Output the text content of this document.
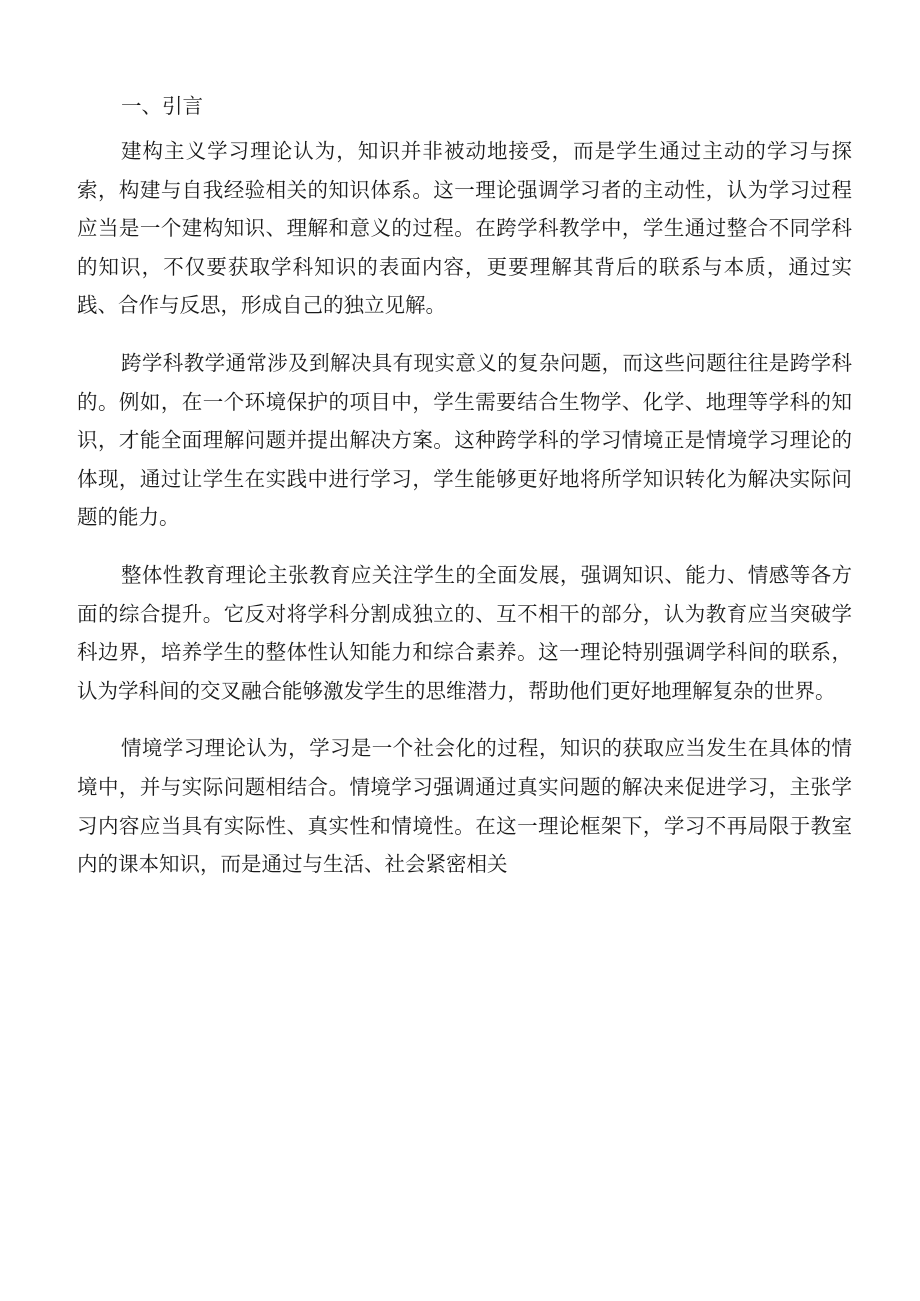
一、引言

建构主义学习理论认为，知识并非被动地接受，而是学生通过主动的学习与探索，构建与自我经验相关的知识体系。这一理论强调学习者的主动性，认为学习过程应当是一个建构知识、理解和意义的过程。在跨学科教学中，学生通过整合不同学科的知识，不仅要获取学科知识的表面内容，更要理解其背后的联系与本质，通过实践、合作与反思，形成自己的独立见解。

跨学科教学通常涉及到解决具有现实意义的复杂问题，而这些问题往往是跨学科的。例如，在一个环境保护的项目中，学生需要结合生物学、化学、地理等学科的知识，才能全面理解问题并提出解决方案。这种跨学科的学习情境正是情境学习理论的体现，通过让学生在实践中进行学习，学生能够更好地将所学知识转化为解决实际问题的能力。

整体性教育理论主张教育应关注学生的全面发展，强调知识、能力、情感等各方面的综合提升。它反对将学科分割成独立的、互不相干的部分，认为教育应当突破学科边界，培养学生的整体性认知能力和综合素养。这一理论特别强调学科间的联系，认为学科间的交叉融合能够激发学生的思维潜力，帮助他们更好地理解复杂的世界。

情境学习理论认为，学习是一个社会化的过程，知识的获取应当发生在具体的情境中，并与实际问题相结合。情境学习强调通过真实问题的解决来促进学习，主张学习内容应当具有实际性、真实性和情境性。在这一理论框架下，学习不再局限于教室内的课本知识，而是通过与生活、社会紧密相关
